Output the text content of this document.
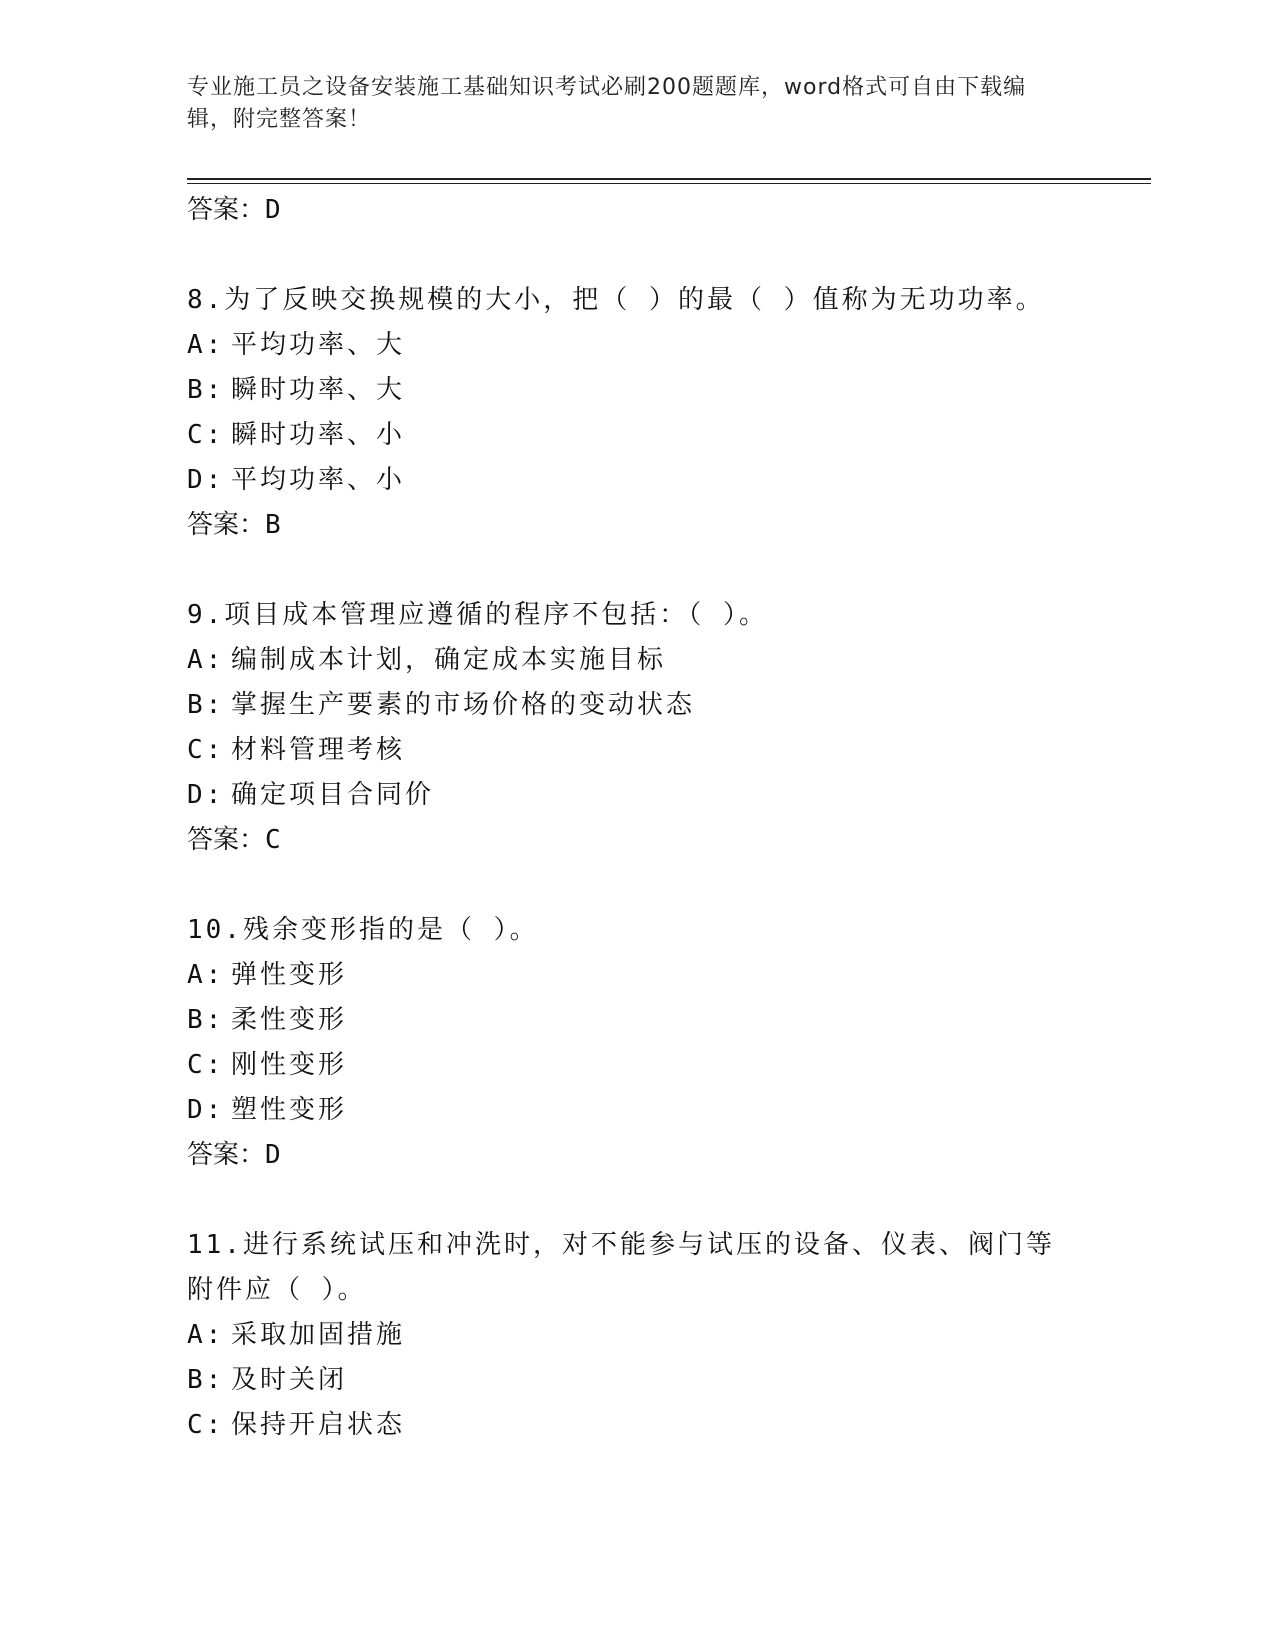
专业施工员之设备安装施工基础知识考试必刷200题题库，word格式可自由下载编辑，附完整答案！
答案：D
8.为了反映交换规模的大小，把（ ）的最（ ）值称为无功功率。
A: 平均功率、大
B: 瞬时功率、大
C: 瞬时功率、小
D: 平均功率、小
答案：B
9.项目成本管理应遵循的程序不包括：（ ）。
A: 编制成本计划，确定成本实施目标
B: 掌握生产要素的市场价格的变动状态
C: 材料管理考核
D: 确定项目合同价
答案：C
10.残余变形指的是（ ）。
A: 弹性变形
B: 柔性变形
C: 刚性变形
D: 塑性变形
答案：D
11.进行系统试压和冲洗时，对不能参与试压的设备、仪表、阀门等附件应（ ）。
A: 采取加固措施
B: 及时关闭
C: 保持开启状态
